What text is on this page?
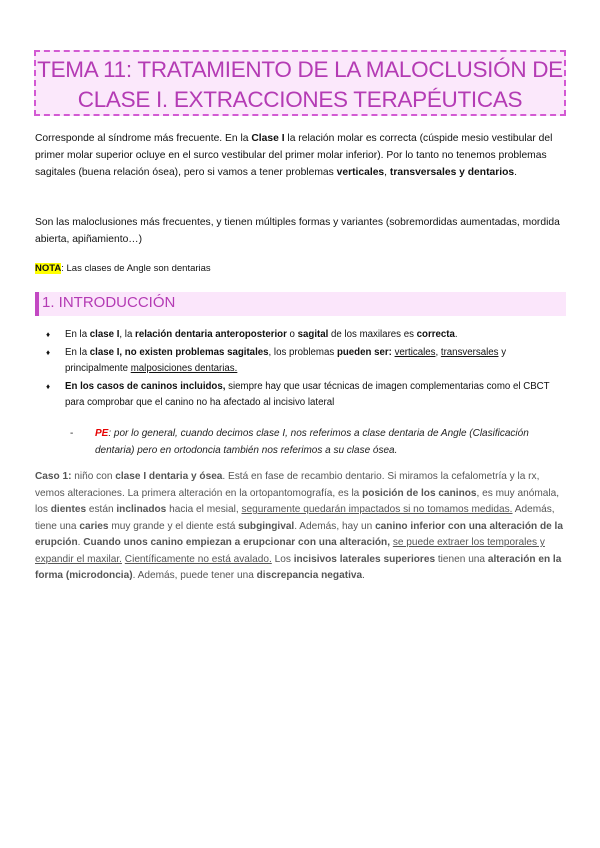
TEMA 11: TRATAMIENTO DE LA MALOCLUSIÓN DE
CLASE I. EXTRACCIONES TERAPÉUTICAS

Corresponde al síndrome más frecuente. En la Clase I la relación molar es correcta (cúspide mesio vestibular del primer molar superior ocluye en el surco vestibular del primer molar inferior). Por lo tanto no tenemos problemas sagitales (buena relación ósea), pero si vamos a tener problemas verticales, transversales y dentarios.

Son las maloclusiones más frecuentes, y tienen múltiples formas y variantes (sobremordidas aumentadas, mordida abierta, apiñamiento…)

NOTA: Las clases de Angle son dentarias

1. INTRODUCCIÓN
♦ En la clase I, la relación dentaria anteroposterior o sagital de los maxilares es correcta.
♦ En la clase I, no existen problemas sagitales, los problemas pueden ser: verticales, transversales y principalmente malposiciones dentarias.
♦ En los casos de caninos incluidos, siempre hay que usar técnicas de imagen complementarias como el CBCT para comprobar que el canino no ha afectado al incisivo lateral
-	PE: por lo general, cuando decimos clase I, nos referimos a clase dentaria de Angle (Clasificación dentaria) pero en ortodoncia también nos referimos a su clase ósea.

Caso 1: niño con clase I dentaria y ósea. Está en fase de recambio dentario. Si miramos la cefalometría y la rx, vemos alteraciones. La primera alteración en la ortopantomografía, es la posición de los caninos, es muy anómala, los dientes están inclinados hacia el mesial, seguramente quedarán impactados si no tomamos medidas. Además, tiene una caries muy grande y el diente está subgingival. Además, hay un canino inferior con una alteración de la erupción. Cuando unos canino empiezan a erupcionar con una alteración, se puede extraer los temporales y expandir el maxilar. Científicamente no está avalado. Los incisivos laterales superiores tienen una alteración en la forma (microdoncia). Además, puede tener una discrepancia negativa.
